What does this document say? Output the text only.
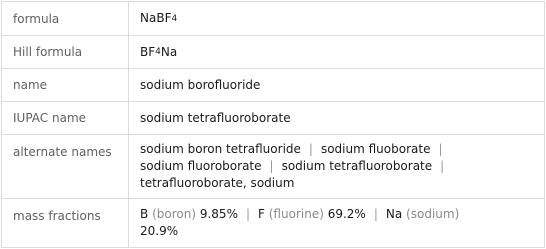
formula	NaBF 4
Hill formula	BF 4 Na
name	sodium borofluoride
IUPAC name	sodium tetrafluoroborate
alternate names	sodium boron tetrafluoride | sodium fluoborate |
sodium fluoroborate | sodium tetrafluoroborate |
tetrafluoroborate, sodium
mass fractions	B (boron) 9.85% | F (fluorine) 69.2% | Na (sodium)
20.9%
